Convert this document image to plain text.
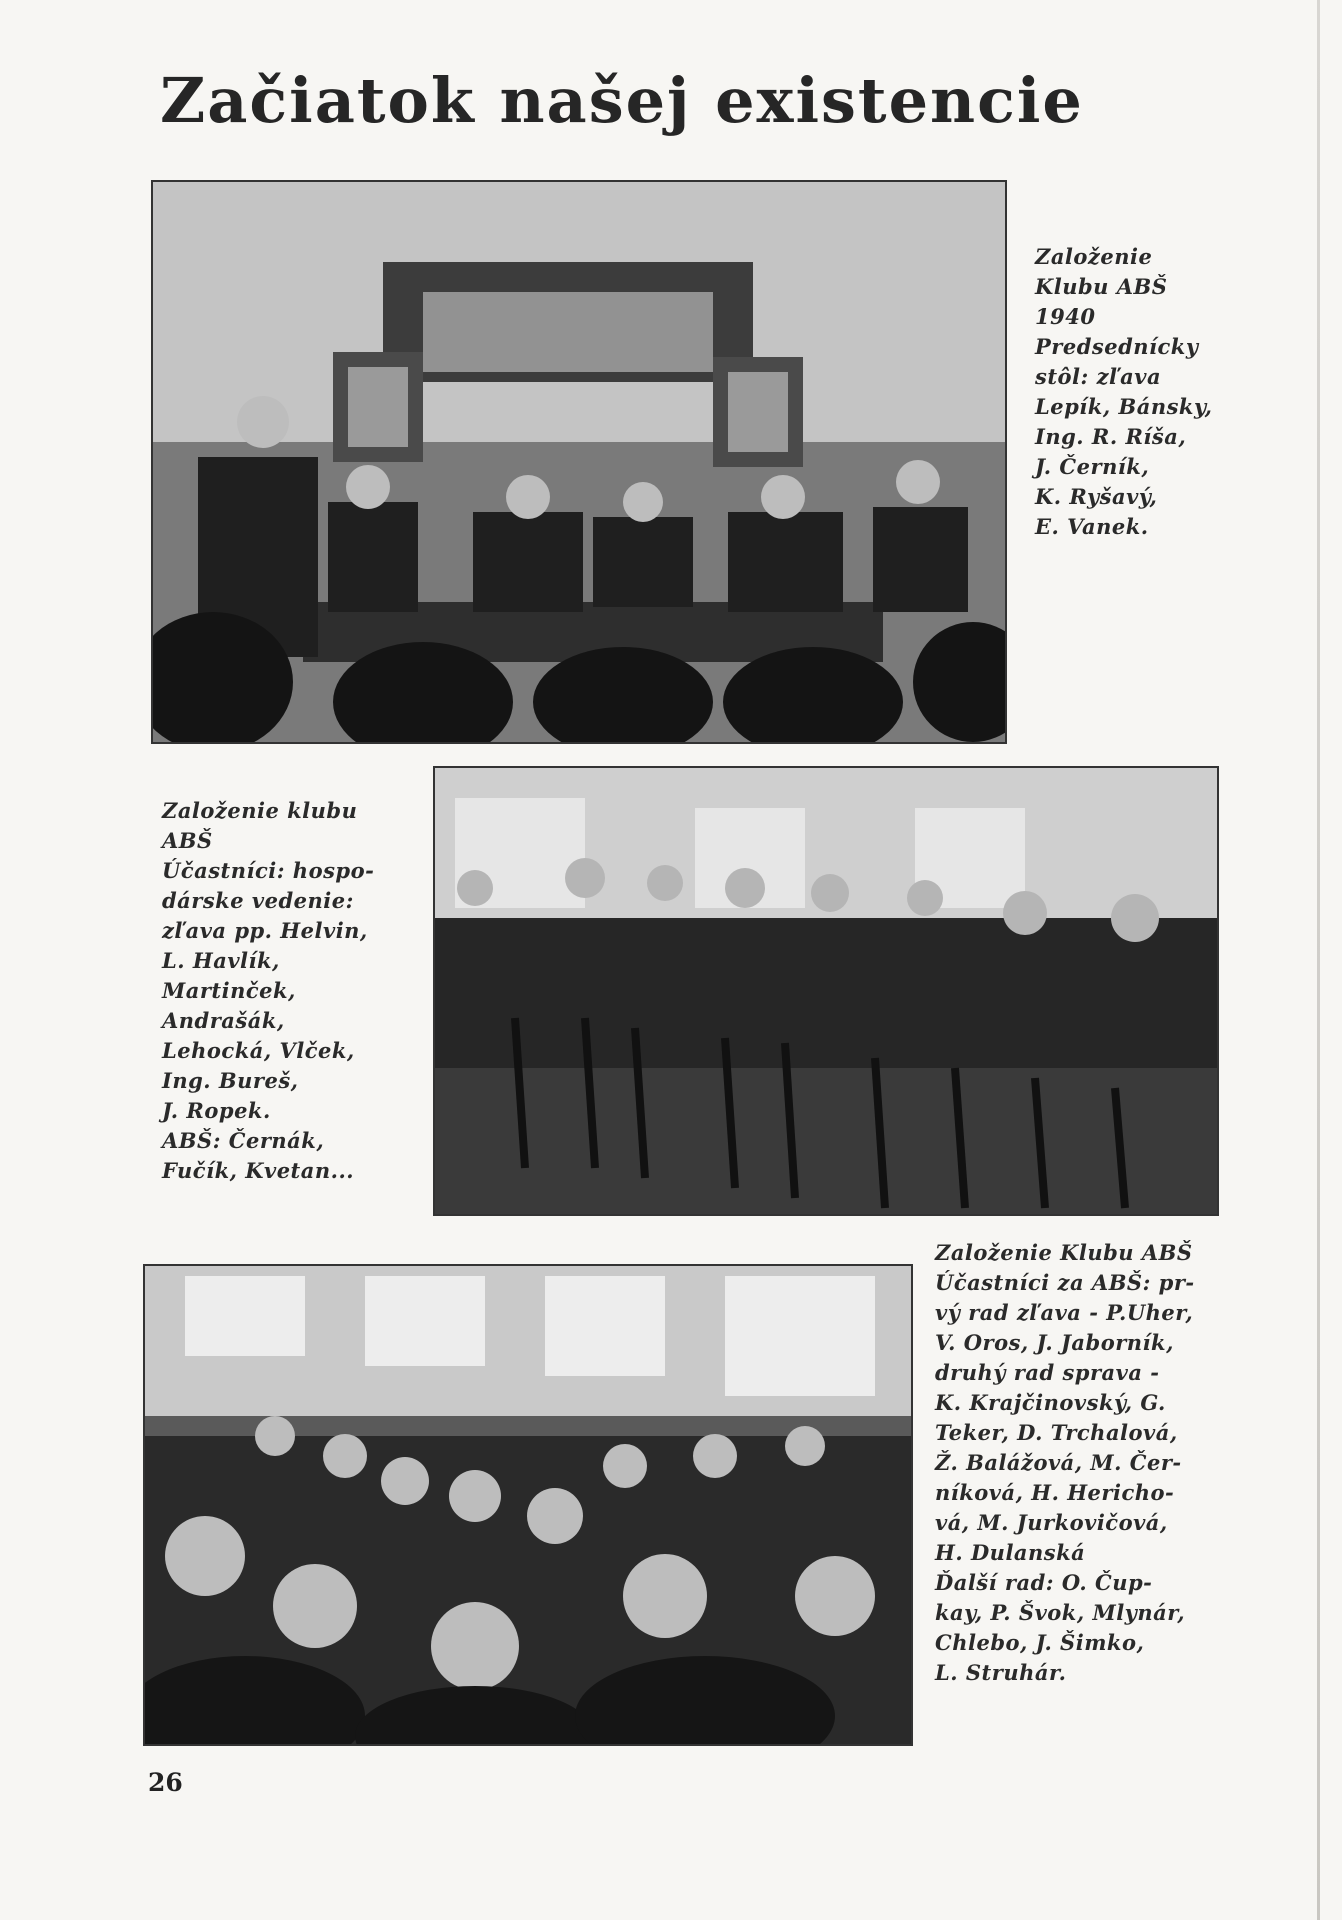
Začiatok našej existencie

Založenie
Klubu ABŠ
1940
Predsednícky
stôl: zľava
Lepík, Bánsky,
Ing. R. Ríša,
J. Černík,
K. Ryšavý,
E. Vanek.

Založenie klubu
ABŠ
Účastníci: hospo-
dárske vedenie:
zľava pp. Helvin,
L. Havlík,
Martinček,
Andrašák,
Lehocká, Vlček,
Ing. Bureš,
J. Ropek.
ABŠ: Černák,
Fučík, Kvetan...

Založenie Klubu ABŠ
Účastníci za ABŠ: pr-
vý rad zľava - P.Uher,
V. Oros, J. Jaborník,
druhý rad sprava -
K. Krajčinovský, G.
Teker, D. Trchalová,
Ž. Balážová, M. Čer-
níková, H. Hericho-
vá, M. Jurkovičová,
H. Dulanská
Ďalší rad: O. Čup-
kay, P. Švok, Mlynár,
Chlebo, J. Šimko,
L. Struhár.

26
